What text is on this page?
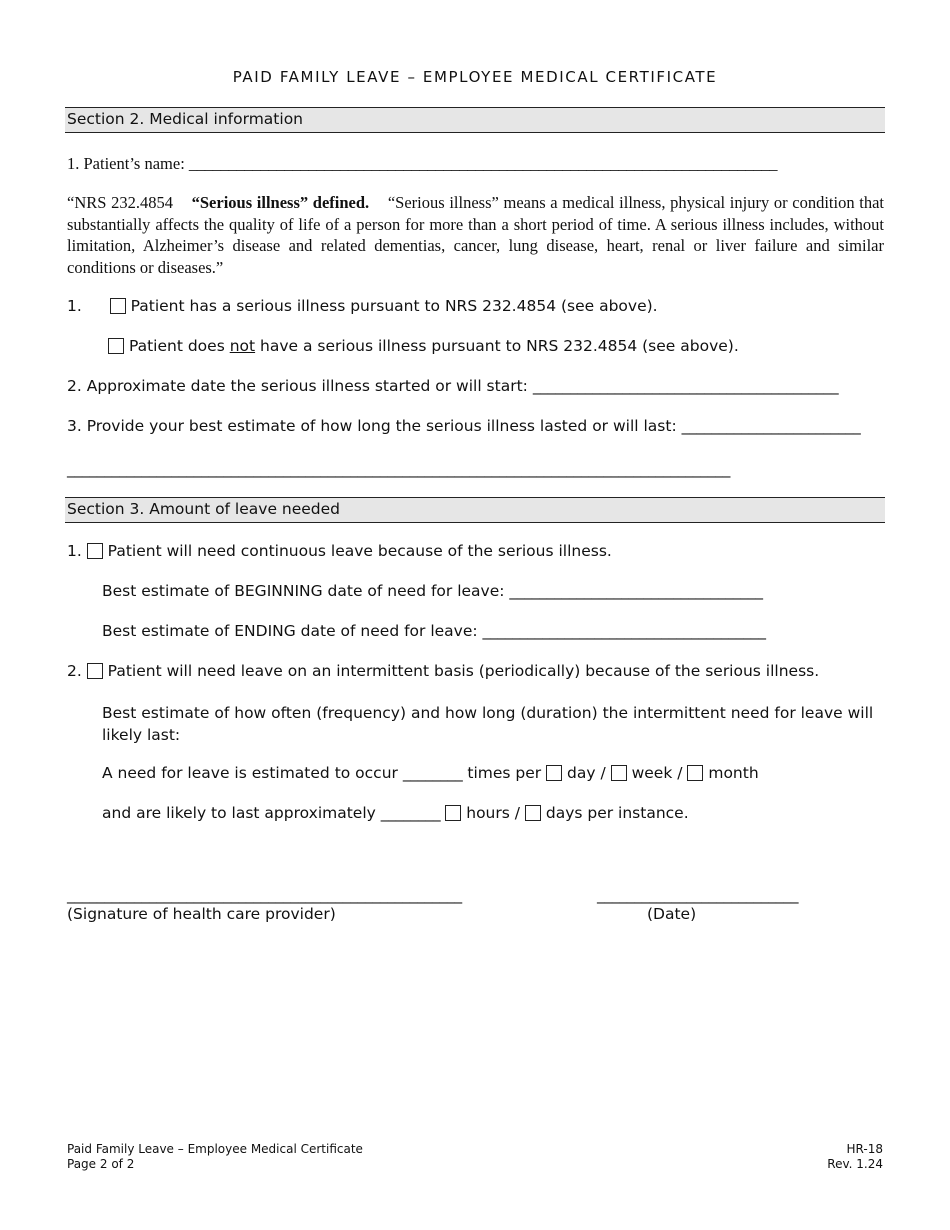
PAID FAMILY LEAVE – EMPLOYEE MEDICAL CERTIFICATE
Section 2. Medical information
1. Patient’s name: __________________________________________________________________________
“NRS 232.4854 “Serious illness” defined. “Serious illness” means a medical illness, physical injury or condition that substantially affects the quality of life of a person for more than a short period of time. A serious illness includes, without limitation, Alzheimer’s disease and related dementias, cancer, lung disease, heart, renal or liver failure and similar conditions or diseases.”
1.	Patient has a serious illness pursuant to NRS 232.4854 (see above).
Patient does not have a serious illness pursuant to NRS 232.4854 (see above).
2. Approximate date the serious illness started or will start: _________________________________________
3. Provide your best estimate of how long the serious illness lasted or will last: ________________________
_________________________________________________________________________________________
Section 3. Amount of leave needed
1. Patient will need continuous leave because of the serious illness.
Best estimate of BEGINNING date of need for leave: __________________________________
Best estimate of ENDING date of need for leave: ______________________________________
2. Patient will need leave on an intermittent basis (periodically) because of the serious illness.
Best estimate of how often (frequency) and how long (duration) the intermittent need for leave will
likely last:
A need for leave is estimated to occur ________ times per day / week / month
and are likely to last approximately ________ hours / days per instance.
_____________________________________________________	___________________________
(Signature of health care provider)	(Date)
Paid Family Leave – Employee Medical Certificate
Page 2 of 2
HR-18
Rev. 1.24
